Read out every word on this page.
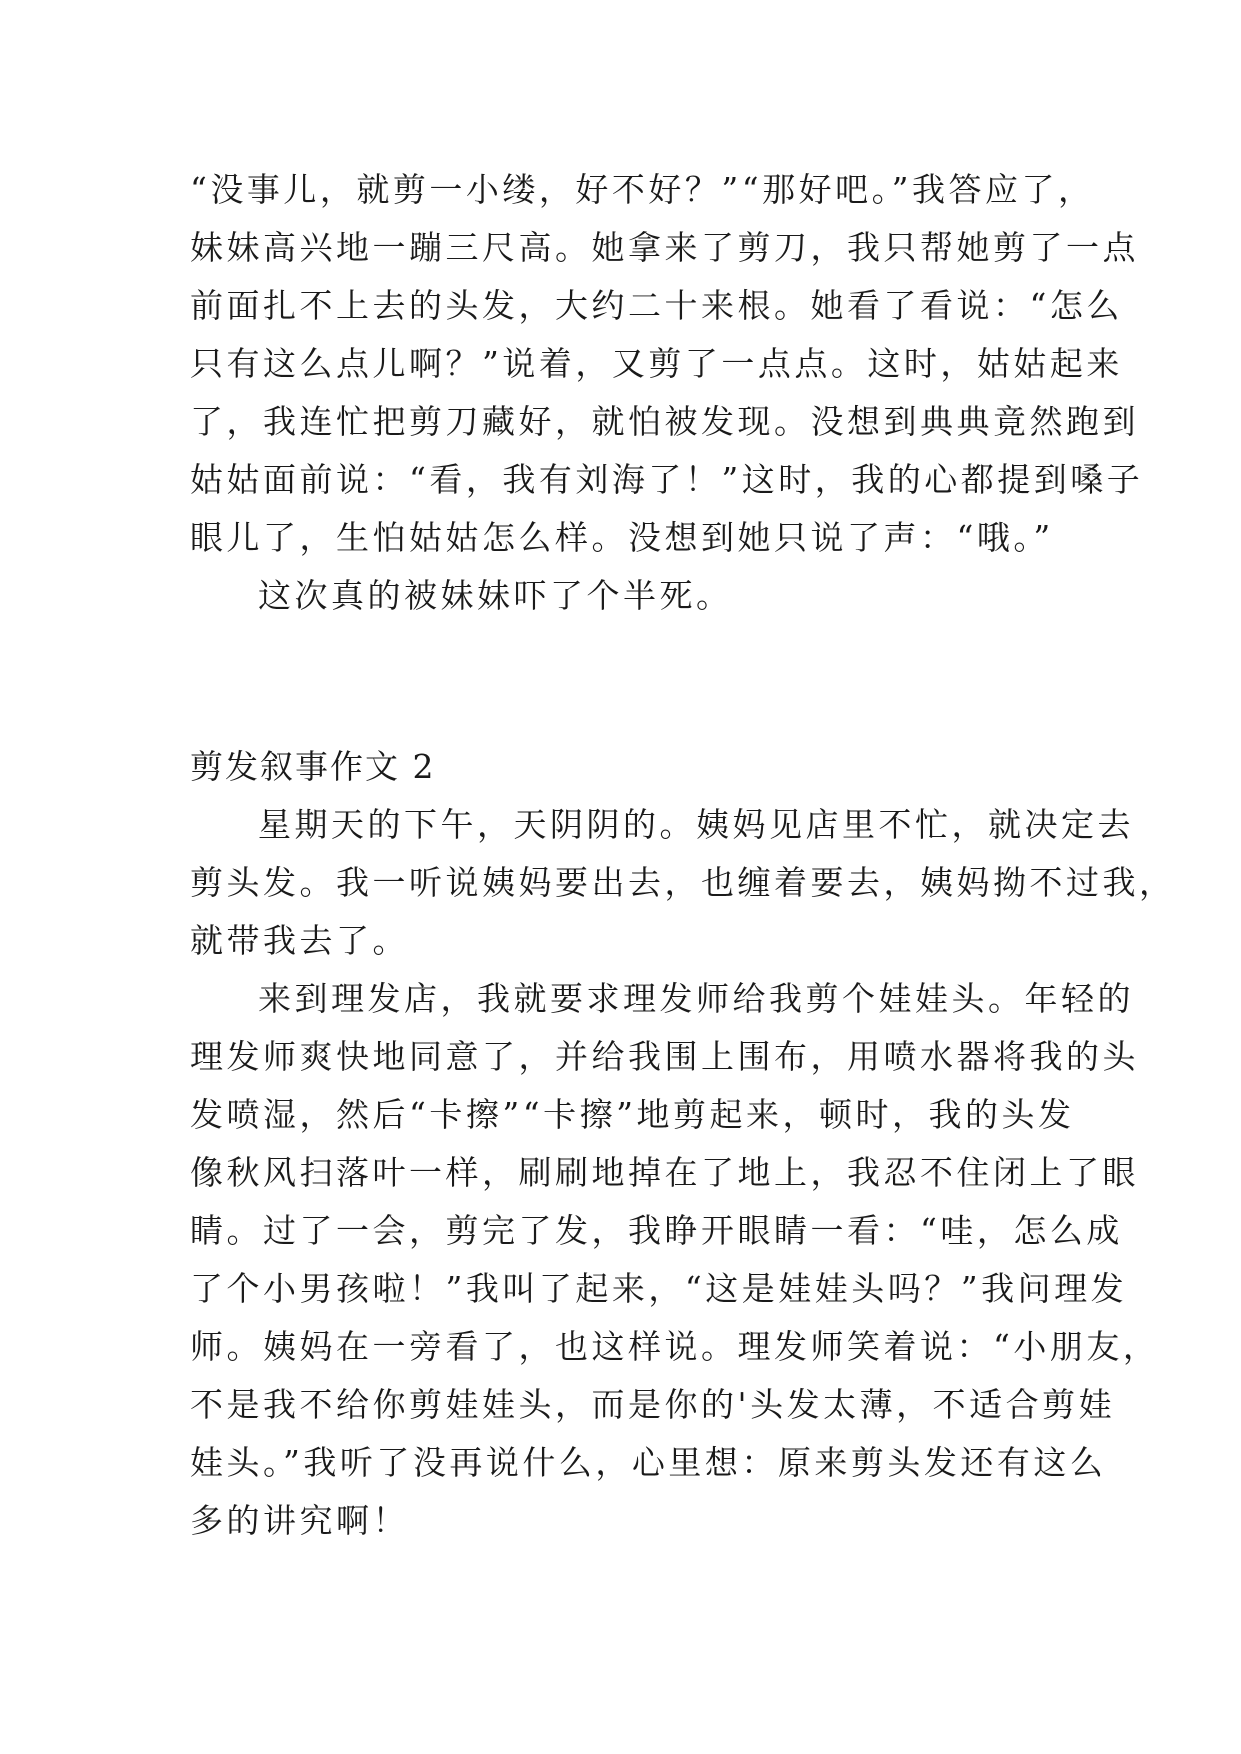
“没事儿，就剪一小缕，好不好？”“那好吧。”我答应了，
妹妹高兴地一蹦三尺高。她拿来了剪刀，我只帮她剪了一点
前面扎不上去的头发，大约二十来根。她看了看说：“怎么
只有这么点儿啊？”说着，又剪了一点点。这时，姑姑起来
了，我连忙把剪刀藏好，就怕被发现。没想到典典竟然跑到
姑姑面前说：“看，我有刘海了！”这时，我的心都提到嗓子
眼儿了，生怕姑姑怎么样。没想到她只说了声：“哦。”
这次真的被妹妹吓了个半死。
剪发叙事作文 2
星期天的下午，天阴阴的。姨妈见店里不忙，就决定去
剪头发。我一听说姨妈要出去，也缠着要去，姨妈拗不过我，
就带我去了。
来到理发店，我就要求理发师给我剪个娃娃头。年轻的
理发师爽快地同意了，并给我围上围布，用喷水器将我的头
发喷湿，然后“卡擦”“卡擦”地剪起来，顿时，我的头发
像秋风扫落叶一样，刷刷地掉在了地上，我忍不住闭上了眼
睛。过了一会，剪完了发，我睁开眼睛一看：“哇，怎么成
了个小男孩啦！”我叫了起来，“这是娃娃头吗？”我问理发
师。姨妈在一旁看了，也这样说。理发师笑着说：“小朋友，
不是我不给你剪娃娃头，而是你的'头发太薄，不适合剪娃
娃头。”我听了没再说什么，心里想：原来剪头发还有这么
多的讲究啊！
